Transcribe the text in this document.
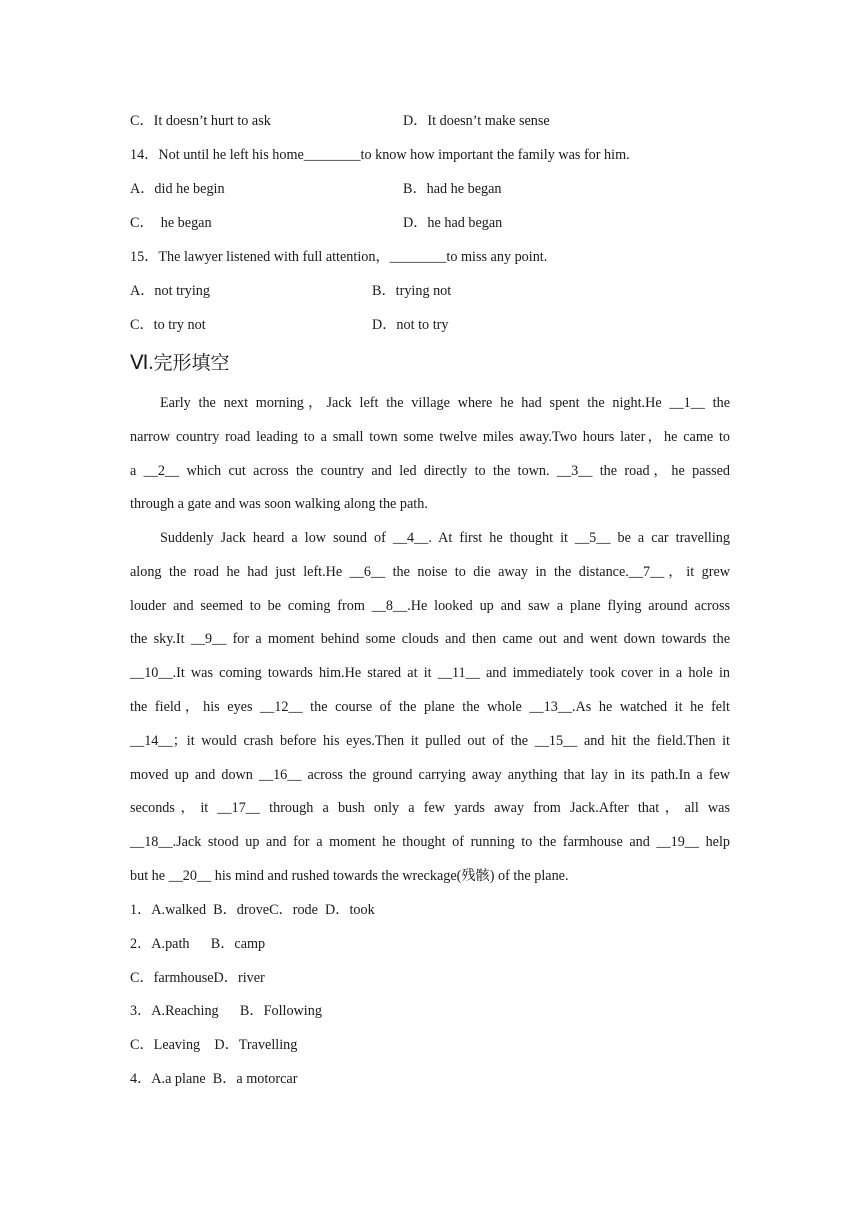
C．It doesn’t hurt to ask	D．It doesn’t make sense
14．Not until he left his home________to know how important the family was for him.
A．did he begin	B．had he began
C．  he began	D．he had began
15．The lawyer listened with full attention，________to miss any point.
A．not trying	B．trying not
C．to try not	D．not to try
Ⅵ.完形填空
Early the next morning，Jack left the village where he had spent the night.He __1__ the
narrow country road leading to a small town some twelve miles away.Two hours later，he came to
a __2__ which cut across the country and led directly to the town. __3__ the road，he passed
through a gate and was soon walking along the path.
Suddenly Jack heard a low sound of __4__. At first he thought it __5__ be a car travelling
along the road he had just left.He __6__ the noise to die away in the distance.__7__，it grew
louder and seemed to be coming from __8__.He looked up and saw a plane flying around across
the sky.It __9__ for a moment behind some clouds and then came out and went down towards the
__10__.It was coming towards him.He stared at it __11__ and immediately took cover in a hole in
the field，his eyes __12__ the course of the plane the whole __13__.As he watched it he felt
__14__；it would crash before his eyes.Then it pulled out of the __15__ and hit the field.Then it
moved up and down __16__ across the ground carrying away anything that lay in its path.In a few
seconds，it __17__ through a bush only a few yards away from Jack.After that，all was
__18__.Jack stood up and for a moment he thought of running to the farmhouse and __19__ help
but he __20__ his mind and rushed towards the wreckage(残骸) of the plane.
1．A.walked  B．droveC．rode  D．took
2．A.path      B．camp
C．farmhouseD．river
3．A.Reaching      B．Following
C．Leaving    D．Travelling
4．A.a plane  B．a motorcar
